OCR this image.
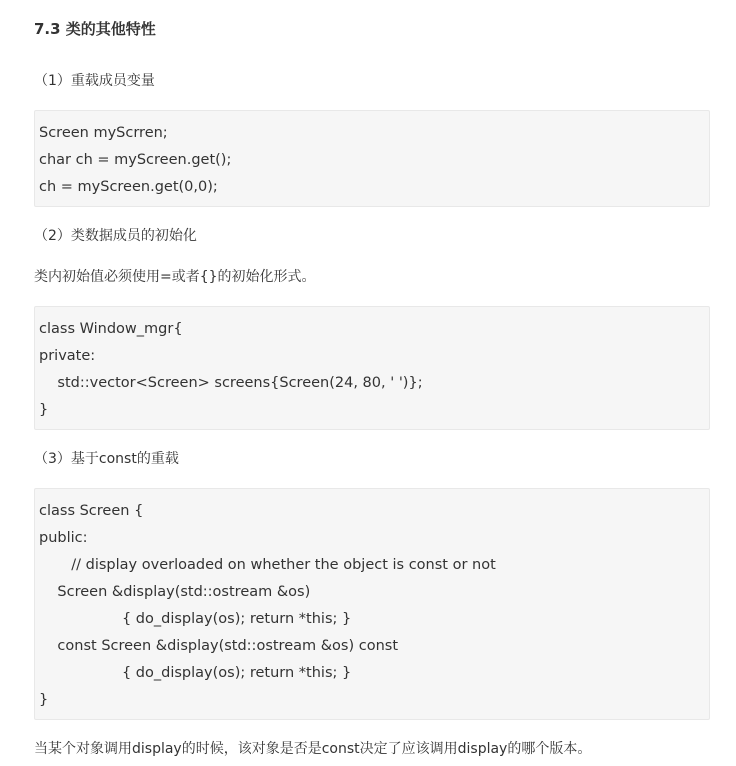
7.3 类的其他特性
（1）重载成员变量
Screen myScrren;
char ch = myScreen.get();
ch = myScreen.get(0,0);
（2）类数据成员的初始化
类内初始值必须使用=或者{}的初始化形式。
class Window_mgr{
private:
std::vector<Screen> screens{Screen(24, 80, ' ')};
}
（3）基于const的重载
class Screen {
public:
// display overloaded on whether the object is const or not
Screen &display(std::ostream &os)
{ do_display(os); return *this; }
const Screen &display(std::ostream &os) const
{ do_display(os); return *this; }
}
当某个对象调用display的时候，该对象是否是const决定了应该调用display的哪个版本。
